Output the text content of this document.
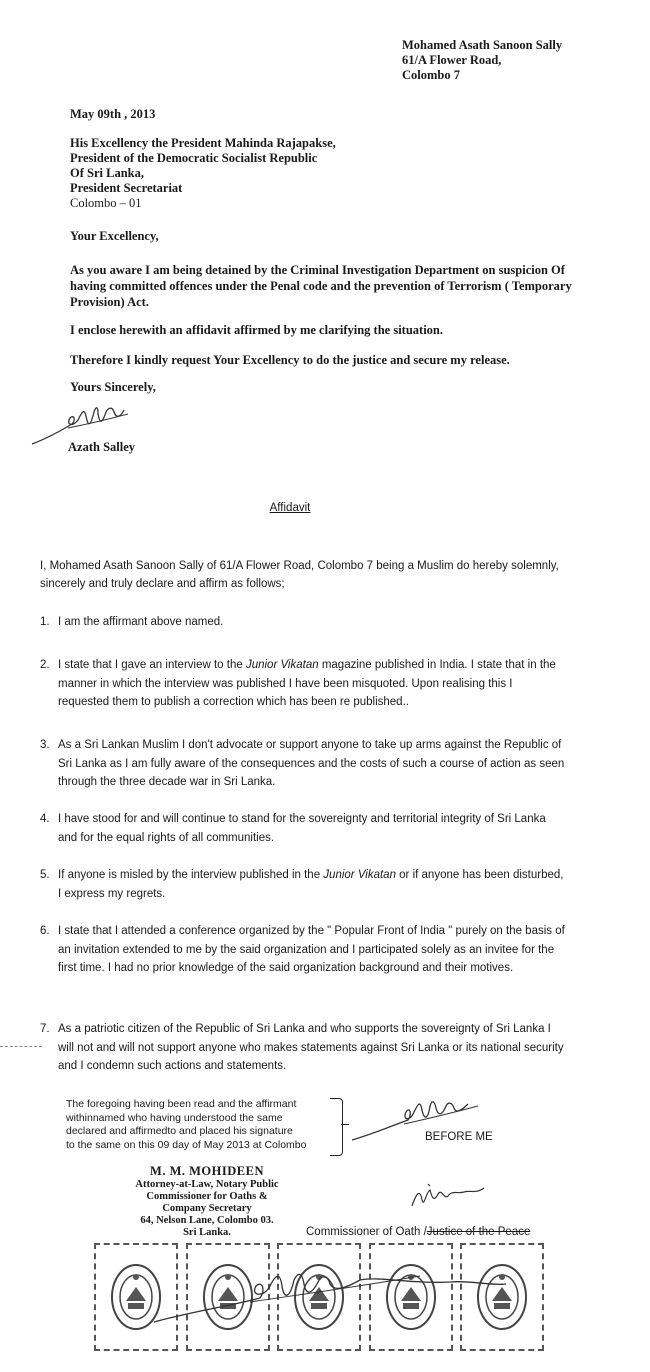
Mohamed Asath Sanoon Sally
61/A Flower Road,
Colombo 7
May 09th , 2013
His Excellency the President Mahinda Rajapakse,
President of the Democratic Socialist Republic
Of Sri Lanka,
President Secretariat
Colombo – 01
Your Excellency,
As you aware I am being detained by the Criminal Investigation Department on suspicion Of having committed offences under the Penal code and the prevention of Terrorism ( Temporary Provision) Act.
I enclose herewith an affidavit affirmed by me clarifying the situation.
Therefore I kindly request Your Excellency to do the justice and secure my release.
Yours Sincerely,
Azath Salley
Affidavit
I, Mohamed Asath Sanoon Sally of 61/A Flower Road, Colombo 7 being a Muslim do hereby solemnly, sincerely and truly declare and affirm as follows;
1. I am the affirmant above named.
2. I state that I gave an interview to the Junior Vikatan magazine published in India. I state that in the manner in which the interview was published I have been misquoted. Upon realising this I requested them to publish a correction which has been re published..
3. As a Sri Lankan Muslim I don't advocate or support anyone to take up arms against the Republic of Sri Lanka as I am fully aware of the consequences and the costs of such a course of action as seen through the three decade war in Sri Lanka.
4. I have stood for and will continue to stand for the sovereignty and territorial integrity of Sri Lanka and for the equal rights of all communities.
5. If anyone is misled by the interview published in the Junior Vikatan or if anyone has been disturbed, I express my regrets.
6. I state that I attended a conference organized by the " Popular Front of India " purely on the basis of an invitation extended to me by the said organization and I participated solely as an invitee for the first time. I had no prior knowledge of the said organization background and their motives.
7. As a patriotic citizen of the Republic of Sri Lanka and who supports the sovereignty of Sri Lanka I will not and will not support anyone who makes statements against Sri Lanka or its national security and I condemn such actions and statements.
The foregoing having been read and the affirmant
withinnamed who having understood the same
declared and affirmedto and placed his signature
to the same on this 09 day of May 2013 at Colombo
BEFORE ME
M. M. MOHIDEEN
Attorney-at-Law, Notary Public
Commissioner for Oaths &
Company Secretary
64, Nelson Lane, Colombo 03.
Sri Lanka.	Commissioner of Oath /Justice of the Peace
